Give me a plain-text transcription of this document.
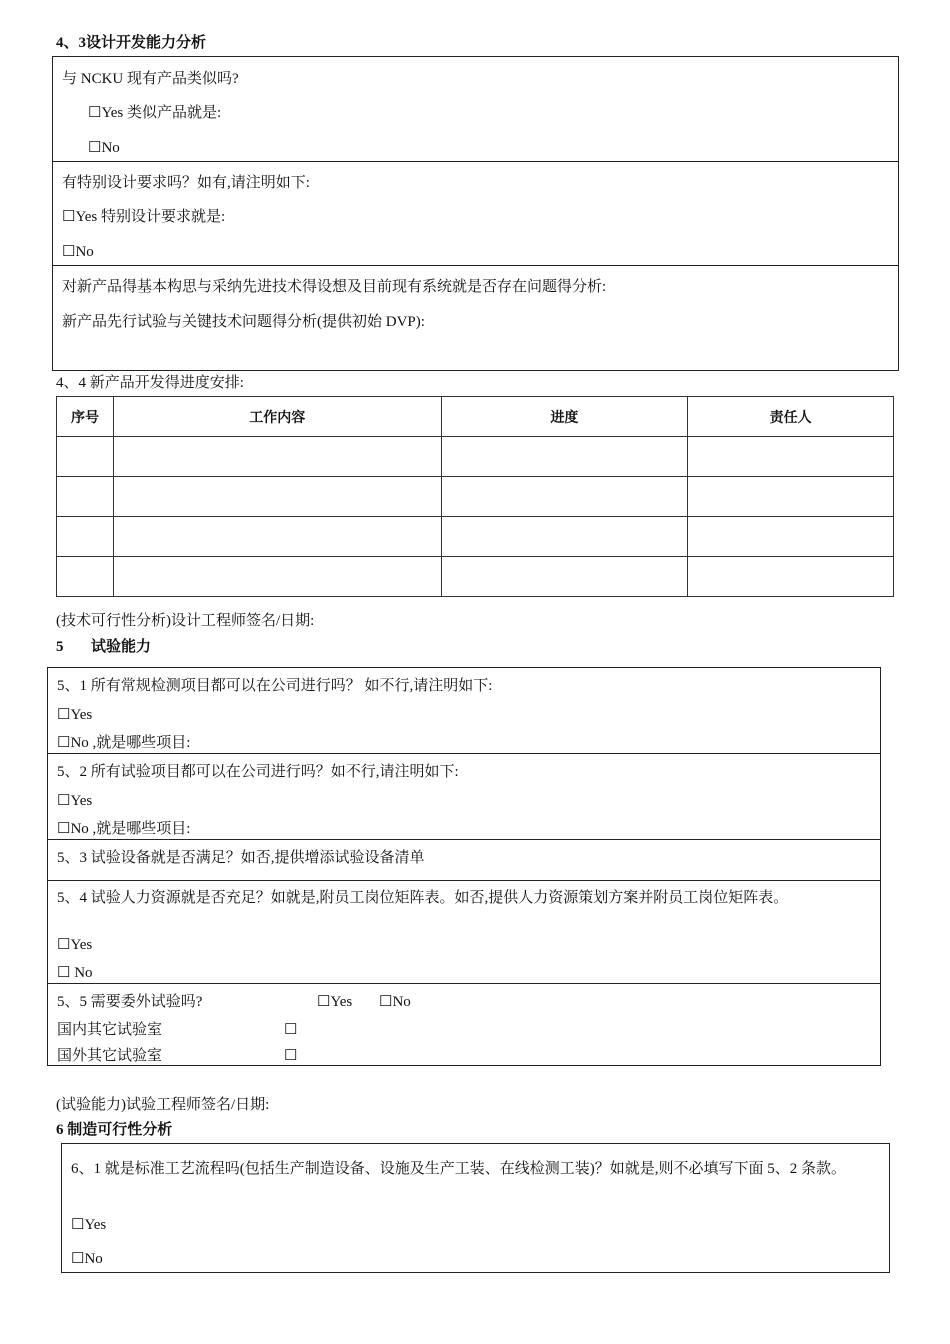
4、3设计开发能力分析
与 NCKU 现有产品类似吗?
☐Yes 类似产品就是:
☐No
有特别设计要求吗？如有,请注明如下:
☐Yes 特别设计要求就是:
☐No
对新产品得基本构思与采纳先进技术得设想及目前现有系统就是否存在问题得分析:
新产品先行试验与关键技术问题得分析(提供初始 DVP):
4、4 新产品开发得进度安排:
序号	工作内容	进度	责任人

(技术可行性分析)设计工程师签名/日期:
5 试验能力
5、1 所有常规检测项目都可以在公司进行吗？ 如不行,请注明如下:
☐Yes
☐No ,就是哪些项目:
5、2 所有试验项目都可以在公司进行吗？如不行,请注明如下:
☐Yes
☐No ,就是哪些项目:
5、3 试验设备就是否满足？如否,提供增添试验设备清单
5、4 试验人力资源就是否充足？如就是,附员工岗位矩阵表。如否,提供人力资源策划方案并附员工岗位矩阵表。
☐Yes
☐ No
5、5 需要委外试验吗?	☐Yes ☐No
国内其它试验室	☐
国外其它试验室	☐
(试验能力)试验工程师签名/日期:
6 制造可行性分析
6、1 就是标准工艺流程吗(包括生产制造设备、设施及生产工装、在线检测工装)？如就是,则不必填写下面 5、2 条款。
☐Yes
☐No
